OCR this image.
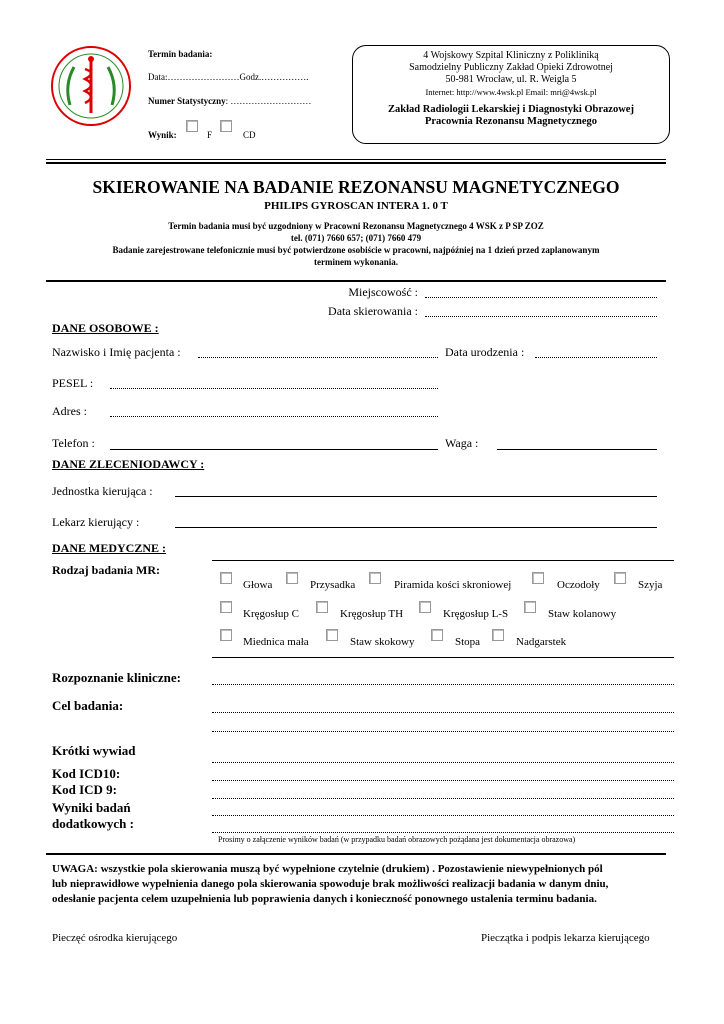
Termin badania:
Data:……………………Godz.…………….
Numer Statystyczny: ………………………
Wynik:	F	CD
4 Wojskowy Szpital Kliniczny z Polikliniką
Samodzielny Publiczny Zakład Opieki Zdrowotnej
50-981 Wrocław, ul. R. Weigla 5
Internet: http://www.4wsk.pl Email: mri@4wsk.pl
Zakład Radiologii Lekarskiej i Diagnostyki Obrazowej
Pracownia Rezonansu Magnetycznego
SKIEROWANIE NA BADANIE REZONANSU MAGNETYCZNEGO
PHILIPS GYROSCAN INTERA 1. 0 T
Termin badania musi być uzgodniony w Pracowni Rezonansu Magnetycznego 4 WSK z P SP ZOZ
tel. (071) 7660 657; (071) 7660 479
Badanie zarejestrowane telefonicznie musi być potwierdzone osobiście w pracowni, najpóźniej na 1 dzień przed zaplanowanym
terminem wykonania.
Miejscowość :
Data skierowania :
DANE OSOBOWE :
Nazwisko i Imię pacjenta :	Data urodzenia :
PESEL :
Adres :
Telefon :	Waga :
DANE ZLECENIODAWCY :
Jednostka kierująca :
Lekarz kierujący :
DANE MEDYCZNE :
Rodzaj badania MR:
Głowa	Przysadka	Piramida kości skroniowej	Oczodoły	Szyja
Kręgosłup C	Kręgosłup TH	Kręgosłup L-S	Staw kolanowy
Miednica mała	Staw skokowy	Stopa	Nadgarstek
Rozpoznanie kliniczne:
Cel badania:
Krótki wywiad
Kod ICD10:
Kod ICD 9:
Wyniki badań
dodatkowych :
Prosimy o załączenie wyników badań (w przypadku badań obrazowych pożądana jest dokumentacja obrazowa)
UWAGA: wszystkie pola skierowania muszą być wypełnione czytelnie (drukiem) . Pozostawienie niewypełnionych pól
lub nieprawidłowe wypełnienia danego pola skierowania spowoduje brak możliwości realizacji badania w danym dniu,
odesłanie pacjenta celem uzupełnienia lub poprawienia danych i konieczność ponownego ustalenia terminu badania.
Pieczęć ośrodka kierującego	Pieczątka i podpis lekarza kierującego
